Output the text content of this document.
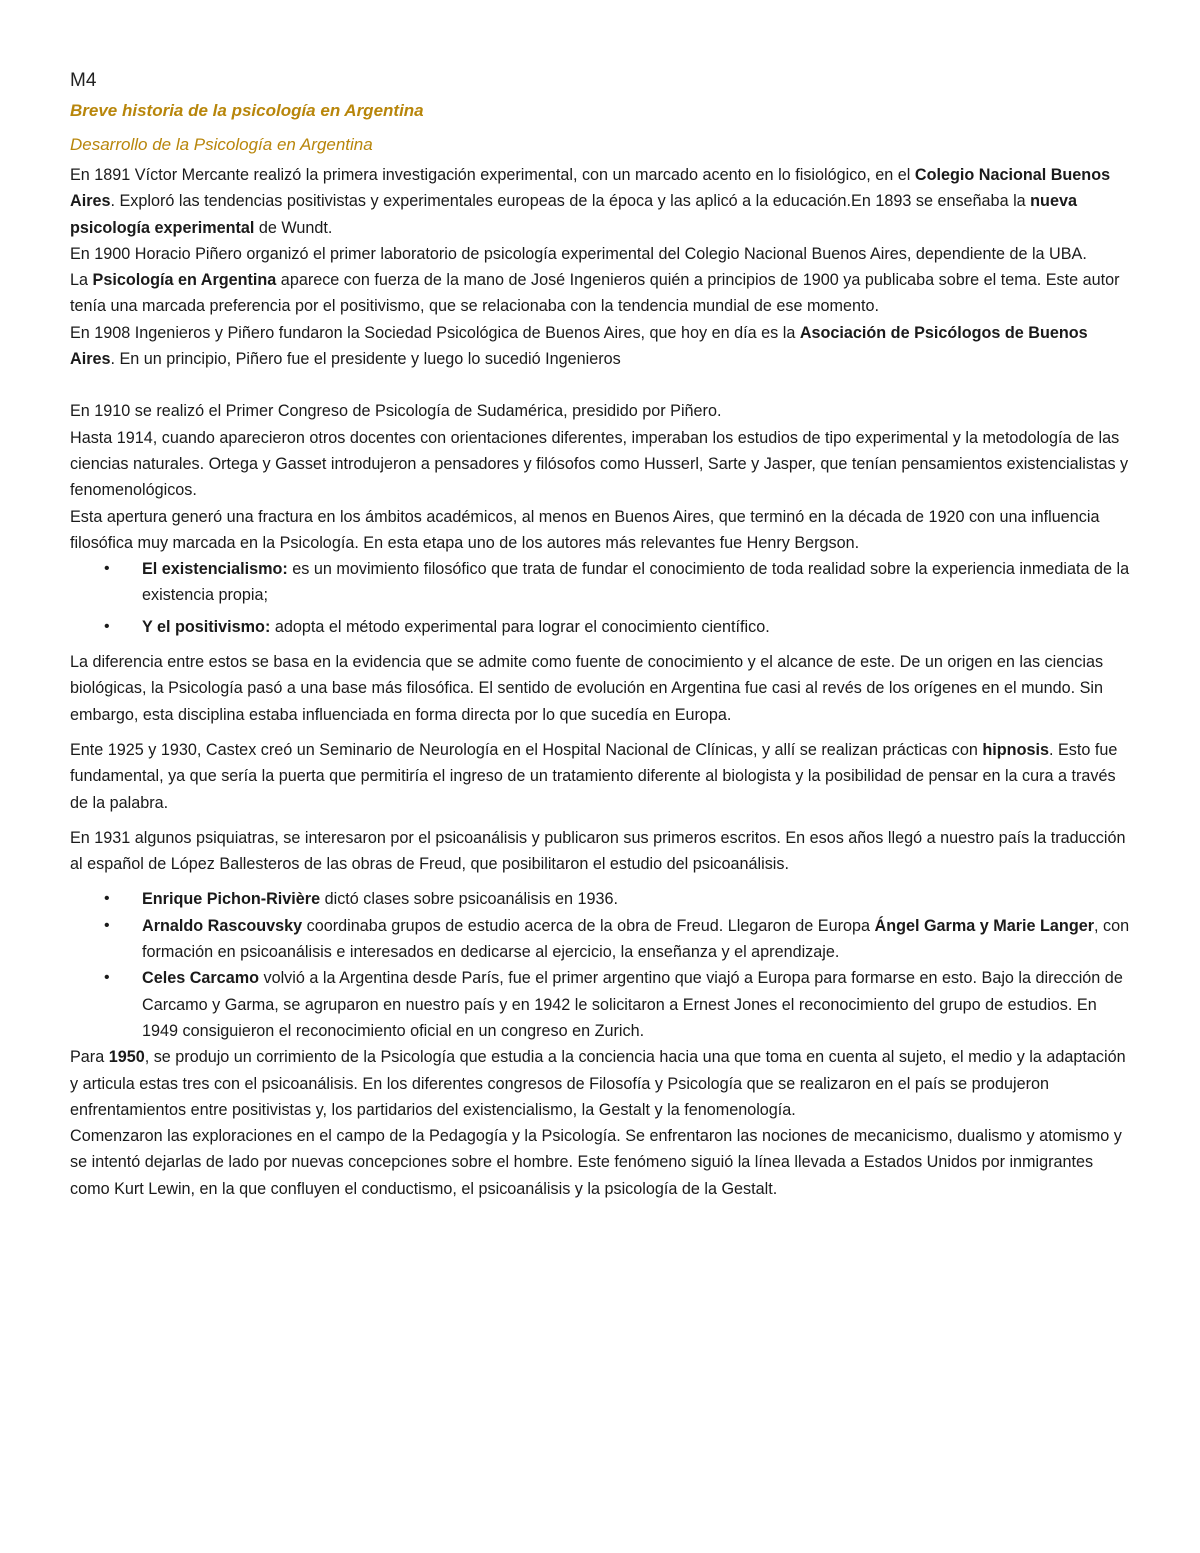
M4

Breve historia de la psicología en Argentina

Desarrollo de la Psicología en Argentina

En 1891 Víctor Mercante realizó la primera investigación experimental, con un marcado acento en lo fisiológico, en el Colegio Nacional Buenos Aires. Exploró las tendencias positivistas y experimentales europeas de la época y las aplicó a la educación.En 1893 se enseñaba la nueva psicología experimental de Wundt.

En 1900 Horacio Piñero organizó el primer laboratorio de psicología experimental del Colegio Nacional Buenos Aires, dependiente de la UBA.

La Psicología en Argentina aparece con fuerza de la mano de José Ingenieros quién a principios de 1900 ya publicaba sobre el tema. Este autor tenía una marcada preferencia por el positivismo, que se relacionaba con la tendencia mundial de ese momento.

En 1908 Ingenieros y Piñero fundaron la Sociedad Psicológica de Buenos Aires, que hoy en día es la Asociación de Psicólogos de Buenos Aires. En un principio, Piñero fue el presidente y luego lo sucedió Ingenieros

En 1910 se realizó el Primer Congreso de Psicología de Sudamérica, presidido por Piñero.

Hasta 1914, cuando aparecieron otros docentes con orientaciones diferentes, imperaban los estudios de tipo experimental y la metodología de las ciencias naturales. Ortega y Gasset introdujeron a pensadores y filósofos como Husserl, Sarte y Jasper, que tenían pensamientos existencialistas y fenomenológicos.

Esta apertura generó una fractura en los ámbitos académicos, al menos en Buenos Aires, que terminó en la década de 1920 con una influencia filosófica muy marcada en la Psicología. En esta etapa uno de los autores más relevantes fue Henry Bergson.

• El existencialismo: es un movimiento filosófico que trata de fundar el conocimiento de toda realidad sobre la experiencia inmediata de la existencia propia;
• Y el positivismo: adopta el método experimental para lograr el conocimiento científico.

La diferencia entre estos se basa en la evidencia que se admite como fuente de conocimiento y el alcance de este. De un origen en las ciencias biológicas, la Psicología pasó a una base más filosófica. El sentido de evolución en Argentina fue casi al revés de los orígenes en el mundo. Sin embargo, esta disciplina estaba influenciada en forma directa por lo que sucedía en Europa.

Ente 1925 y 1930, Castex creó un Seminario de Neurología en el Hospital Nacional de Clínicas, y allí se realizan prácticas con hipnosis. Esto fue fundamental, ya que sería la puerta que permitiría el ingreso de un tratamiento diferente al biologista y la posibilidad de pensar en la cura a través de la palabra.

En 1931 algunos psiquiatras, se interesaron por el psicoanálisis y publicaron sus primeros escritos. En esos años llegó a nuestro país la traducción al español de López Ballesteros de las obras de Freud, que posibilitaron el estudio del psicoanálisis.

• Enrique Pichon-Rivière dictó clases sobre psicoanálisis en 1936.
• Arnaldo Rascouvsky coordinaba grupos de estudio acerca de la obra de Freud. Llegaron de Europa Ángel Garma y Marie Langer, con formación en psicoanálisis e interesados en dedicarse al ejercicio, la enseñanza y el aprendizaje.
• Celes Carcamo volvió a la Argentina desde París, fue el primer argentino que viajó a Europa para formarse en esto. Bajo la dirección de Carcamo y Garma, se agruparon en nuestro país y en 1942 le solicitaron a Ernest Jones el reconocimiento del grupo de estudios. En 1949 consiguieron el reconocimiento oficial en un congreso en Zurich.

Para 1950, se produjo un corrimiento de la Psicología que estudia a la conciencia hacia una que toma en cuenta al sujeto, el medio y la adaptación y articula estas tres con el psicoanálisis. En los diferentes congresos de Filosofía y Psicología que se realizaron en el país se produjeron enfrentamientos entre positivistas y, los partidarios del existencialismo, la Gestalt y la fenomenología.

Comenzaron las exploraciones en el campo de la Pedagogía y la Psicología. Se enfrentaron las nociones de mecanicismo, dualismo y atomismo y se intentó dejarlas de lado por nuevas concepciones sobre el hombre. Este fenómeno siguió la línea llevada a Estados Unidos por inmigrantes como Kurt Lewin, en la que confluyen el conductismo, el psicoanálisis y la psicología de la Gestalt.
